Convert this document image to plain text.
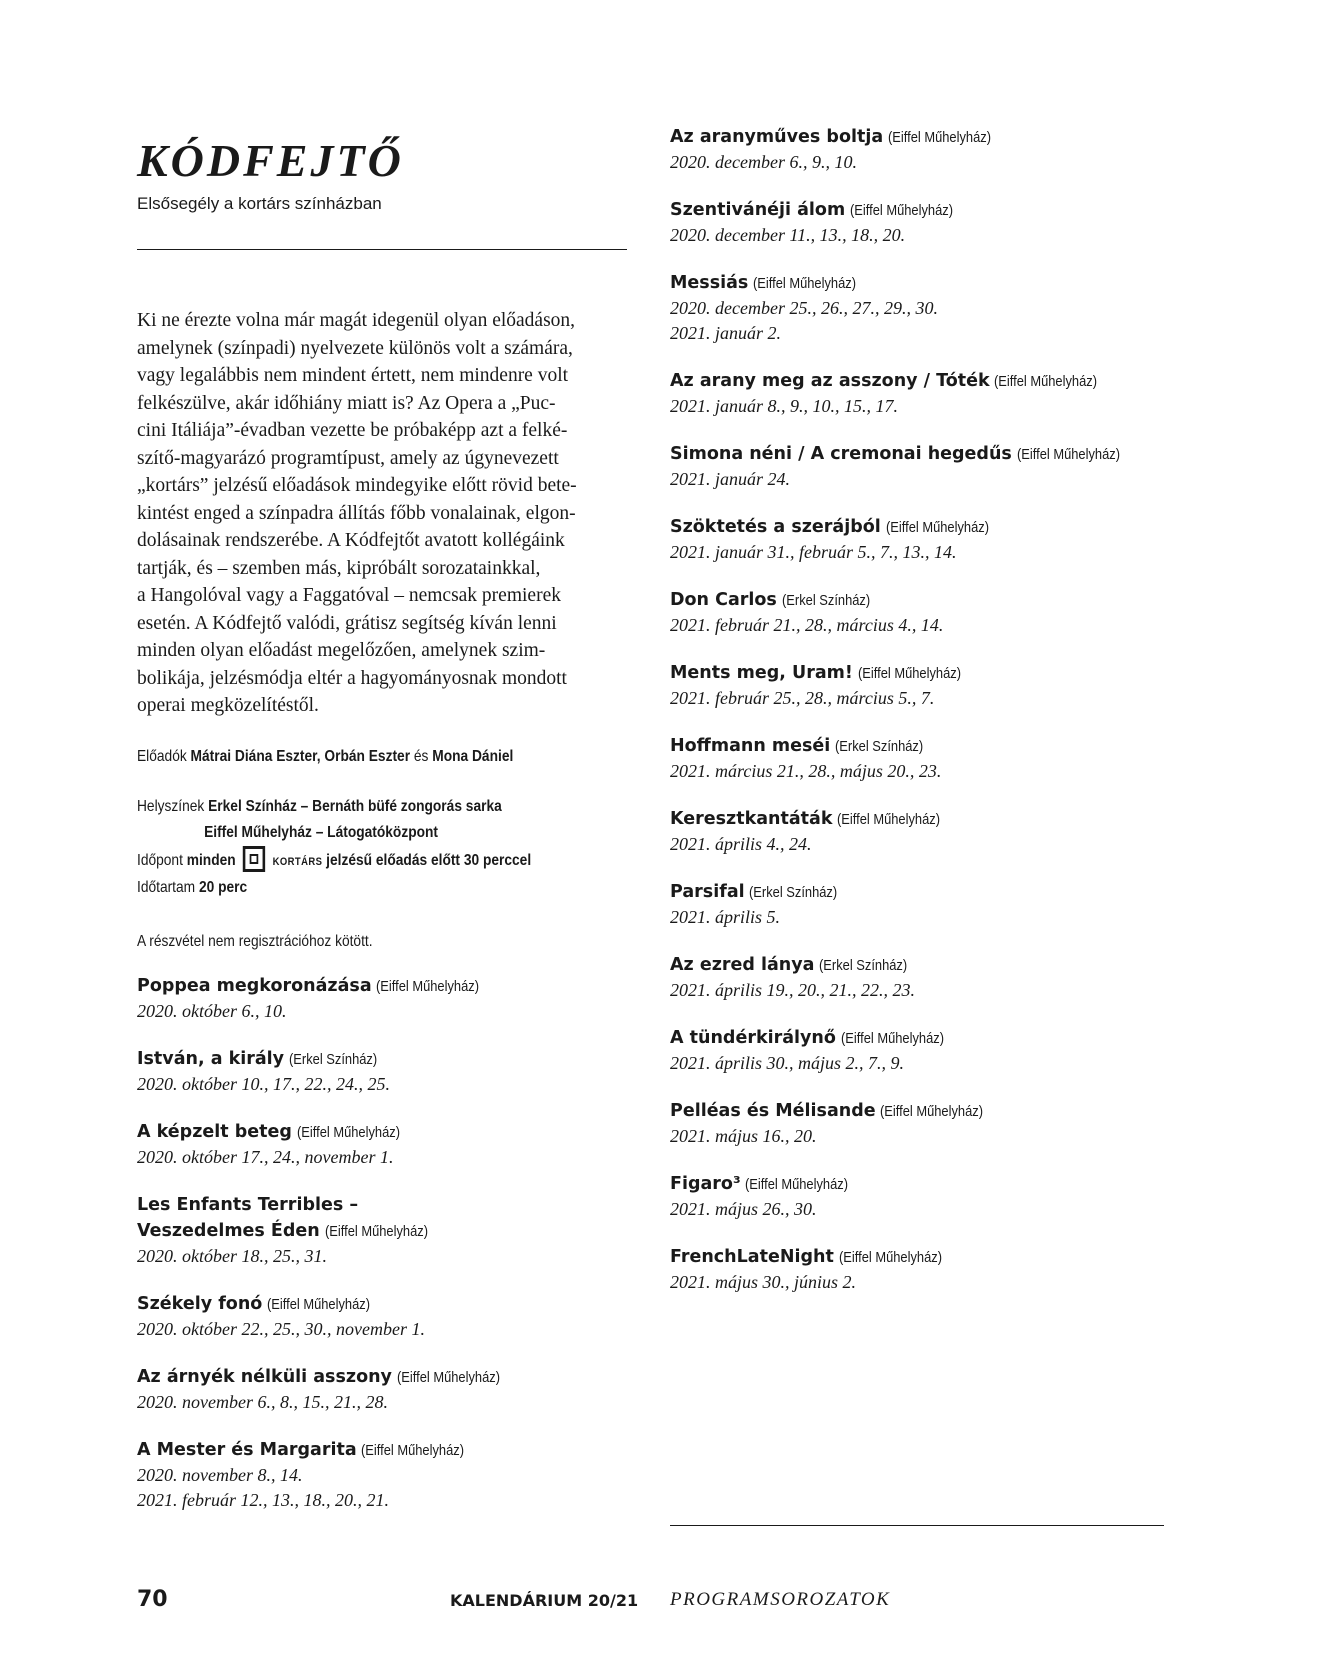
KÓDFEJTŐ
Elsősegély a kortárs színházban

Ki ne érezte volna már magát idegenül olyan előadáson,
amelynek (színpadi) nyelvezete különös volt a számára,
vagy legalábbis nem mindent értett, nem mindenre volt
felkészülve, akár időhiány miatt is? Az Opera a „Puc-
cini Itáliája”-évadban vezette be próbaképp azt a felké-
szítő-magyarázó programtípust, amely az úgynevezett
„kortárs” jelzésű előadások mindegyike előtt rövid bete-
kintést enged a színpadra állítás főbb vonalainak, elgon-
dolásainak rendszerébe. A Kódfejtőt avatott kollégáink
tartják, és – szemben más, kipróbált sorozatainkkal,
a Hangolóval vagy a Faggatóval – nemcsak premierek
esetén. A Kódfejtő valódi, grátisz segítség kíván lenni
minden olyan előadást megelőzően, amelynek szim-
bolikája, jelzésmódja eltér a hagyományosnak mondott
operai megközelítéstől.

Előadók Mátrai Diána Eszter, Orbán Eszter és Mona Dániel
Helyszínek Erkel Színház – Bernáth büfé zongorás sarka
Eiffel Műhelyház – Látogatóközpont
Időpont minden	KORTÁRS jelzésű előadás előtt 30 perccel
Időtartam 20 perc
A részvétel nem regisztrációhoz kötött.
Poppea megkoronázása (Eiffel Műhelyház)
2020. október 6., 10.
István, a király (Erkel Színház)
2020. október 10., 17., 22., 24., 25.
A képzelt beteg (Eiffel Műhelyház)
2020. október 17., 24., november 1.
Les Enfants Terribles –
Veszedelmes Éden (Eiffel Műhelyház)
2020. október 18., 25., 31.
Székely fonó (Eiffel Műhelyház)
2020. október 22., 25., 30., november 1.
Az árnyék nélküli asszony (Eiffel Műhelyház)
2020. november 6., 8., 15., 21., 28.
A Mester és Margarita (Eiffel Műhelyház)
2020. november 8., 14.
2021. február 12., 13., 18., 20., 21.
Az aranyműves boltja (Eiffel Műhelyház)
2020. december 6., 9., 10.
Szentivánéji álom (Eiffel Műhelyház)
2020. december 11., 13., 18., 20.
Messiás (Eiffel Műhelyház)
2020. december 25., 26., 27., 29., 30.
2021. január 2.
Az arany meg az asszony / Tóték (Eiffel Műhelyház)
2021. január 8., 9., 10., 15., 17.
Simona néni / A cremonai hegedűs (Eiffel Műhelyház)
2021. január 24.
Szöktetés a szerájból (Eiffel Műhelyház)
2021. január 31., február 5., 7., 13., 14.
Don Carlos (Erkel Színház)
2021. február 21., 28., március 4., 14.
Ments meg, Uram! (Eiffel Műhelyház)
2021. február 25., 28., március 5., 7.
Hoffmann meséi (Erkel Színház)
2021. március 21., 28., május 20., 23.
Keresztkantáták (Eiffel Műhelyház)
2021. április 4., 24.
Parsifal (Erkel Színház)
2021. április 5.
Az ezred lánya (Erkel Színház)
2021. április 19., 20., 21., 22., 23.
A tündérkirálynő (Eiffel Műhelyház)
2021. április 30., május 2., 7., 9.
Pelléas és Mélisande (Eiffel Műhelyház)
2021. május 16., 20.
Figaro³ (Eiffel Műhelyház)
2021. május 26., 30.
FrenchLateNight (Eiffel Műhelyház)
2021. május 30., június 2.
70	KALENDÁRIUM 20/21 PROGRAMSOROZATOK
